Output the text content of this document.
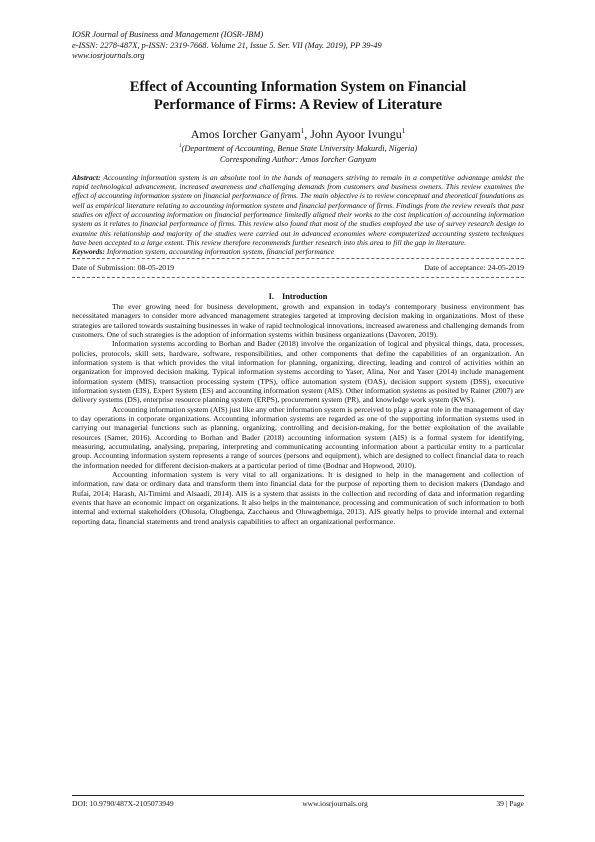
IOSR Journal of Business and Management (IOSR-JBM)
e-ISSN: 2278-487X, p-ISSN: 2319-7668. Volume 21, Issue 5. Ser. VII (May. 2019), PP 39-49
www.iosrjournals.org
Effect of Accounting Information System on Financial
Performance of Firms: A Review of Literature
Amos Iorcher Ganyam$^1$, John Ayoor Ivungu$^1$
$^1$(Department of Accounting, Benue State University Makurdi, Nigeria)
Corresponding Author: Amos Iorcher Ganyam
Abstract: Accounting information system is an absolute tool in the hands of managers striving to remain in a competitive advantage amidst the rapid technological advancement, increased awareness and challenging demands from customers and business owners. This review examines the effect of accounting information system on financial performance of firms. The main objective is to review conceptual and theoretical foundations as well as empirical literature relating to accounting information system and financial performance of firms. Findings from the review reveals that past studies on effect of accounting information on financial performance limitedly aligned their works to the cost implication of accounting information system as it relates to financial performance of firms. This review also found that most of the studies employed the use of survey research design to examine this relationship and majority of the studies were carried out in advanced economies where computerized accounting system techniques have been accepted to a large extent. This review therefore recommends further research into this area to fill the gap in literature.
Keywords: Information system, accounting information system, financial performance
Date of Submission: 08-05-2019	Date of acceptance: 24-05-2019
I. Introduction

The ever growing need for business development, growth and expansion in today's contemporary business environment has necessitated managers to consider more advanced management strategies targeted at improving decision making in organizations. Most of these strategies are tailored towards sustaining businesses in wake of rapid technological innovations, increased awareness and challenging demands from customers. One of such strategies is the adoption of information systems within business organizations (Davoren, 2019).

Information systems according to Borhan and Bader (2018) involve the organization of logical and physical things, data, processes, policies, protocols, skill sets, hardware, software, responsibilities, and other components that define the capabilities of an organization. An information system is that which provides the vital information for planning, organizing, directing, leading and control of activities within an organization for improved decision making. Typical information systems according to Yaser, Alina, Nor and Yaser (2014) include management information system (MIS), transaction processing system (TPS), office automation system (OAS), decision support system (DSS), executive information system (EIS), Expert System (ES) and accounting information system (AIS). Other information systems as posited by Rainer (2007) are delivery systems (DS), enterprise resource planning system (ERPS), procurement system (PR), and knowledge work system (KWS).

Accounting information system (AIS) just like any other information system is perceived to play a great role in the management of day to day operations in corporate organizations. Accounting information systems are regarded as one of the supporting information systems used in carrying out managerial functions such as planning, organizing, controlling and decision-making, for the better exploitation of the available resources (Samer, 2016). According to Borhan and Bader (2018) accounting information system (AIS) is a formal system for identifying, measuring, accumulating, analysing, preparing, interpreting and communicating accounting information about a particular entity to a particular group. Accounting information system represents a range of sources (persons and equipment), which are designed to collect financial data to reach the information needed for different decision-makers at a particular period of time (Bodnar and Hopwood, 2010).

Accounting information system is very vital to all organizations. It is designed to help in the management and collection of information, raw data or ordinary data and transform them into financial data for the purpose of reporting them to decision makers (Dandago and Rufai, 2014; Harash, Al-Timimi and Alsaadi, 2014). AIS is a system that assists in the collection and recording of data and information regarding events that have an economic impact on organizations. It also helps in the maintenance, processing and communication of such information to both internal and external stakeholders (Olusola, Olugbenga, Zacchaeus and Oluwagbemiga, 2013). AIS greatly helps to provide internal and external reporting data, financial statements and trend analysis capabilities to affect an organizational performance.

DOI: 10.9790/487X-2105073949	www.iosrjournals.org	39 | Page
